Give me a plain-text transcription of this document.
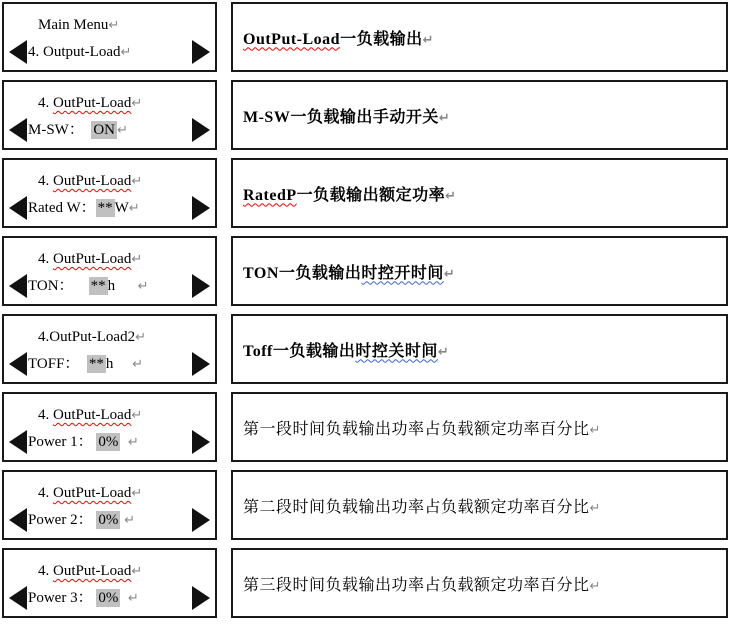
Main Menu↵
4. Output-Load↵
OutPut-Load一负载输出↵
4. OutPut-Load↵
M-SW：  ON ↵
M-SW一负载输出手动开关↵
4. OutPut-Load↵
Rated W： ** W↵
RatedP一负载输出额定功率↵
4. OutPut-Load↵
TON：    ** h ↵
TON一负载输出时控开时间↵
4.OutPut-Load2↵
TOFF：  ** h ↵
Toff一负载输出时控关时间↵
4. OutPut-Load↵
Power 1： 0% ↵
第一段时间负载输出功率占负载额定功率百分比↵
4. OutPut-Load↵
Power 2： 0% ↵
第二段时间负载输出功率占负载额定功率百分比↵
4. OutPut-Load↵
Power 3： 0% ↵
第三段时间负载输出功率占负载额定功率百分比↵
